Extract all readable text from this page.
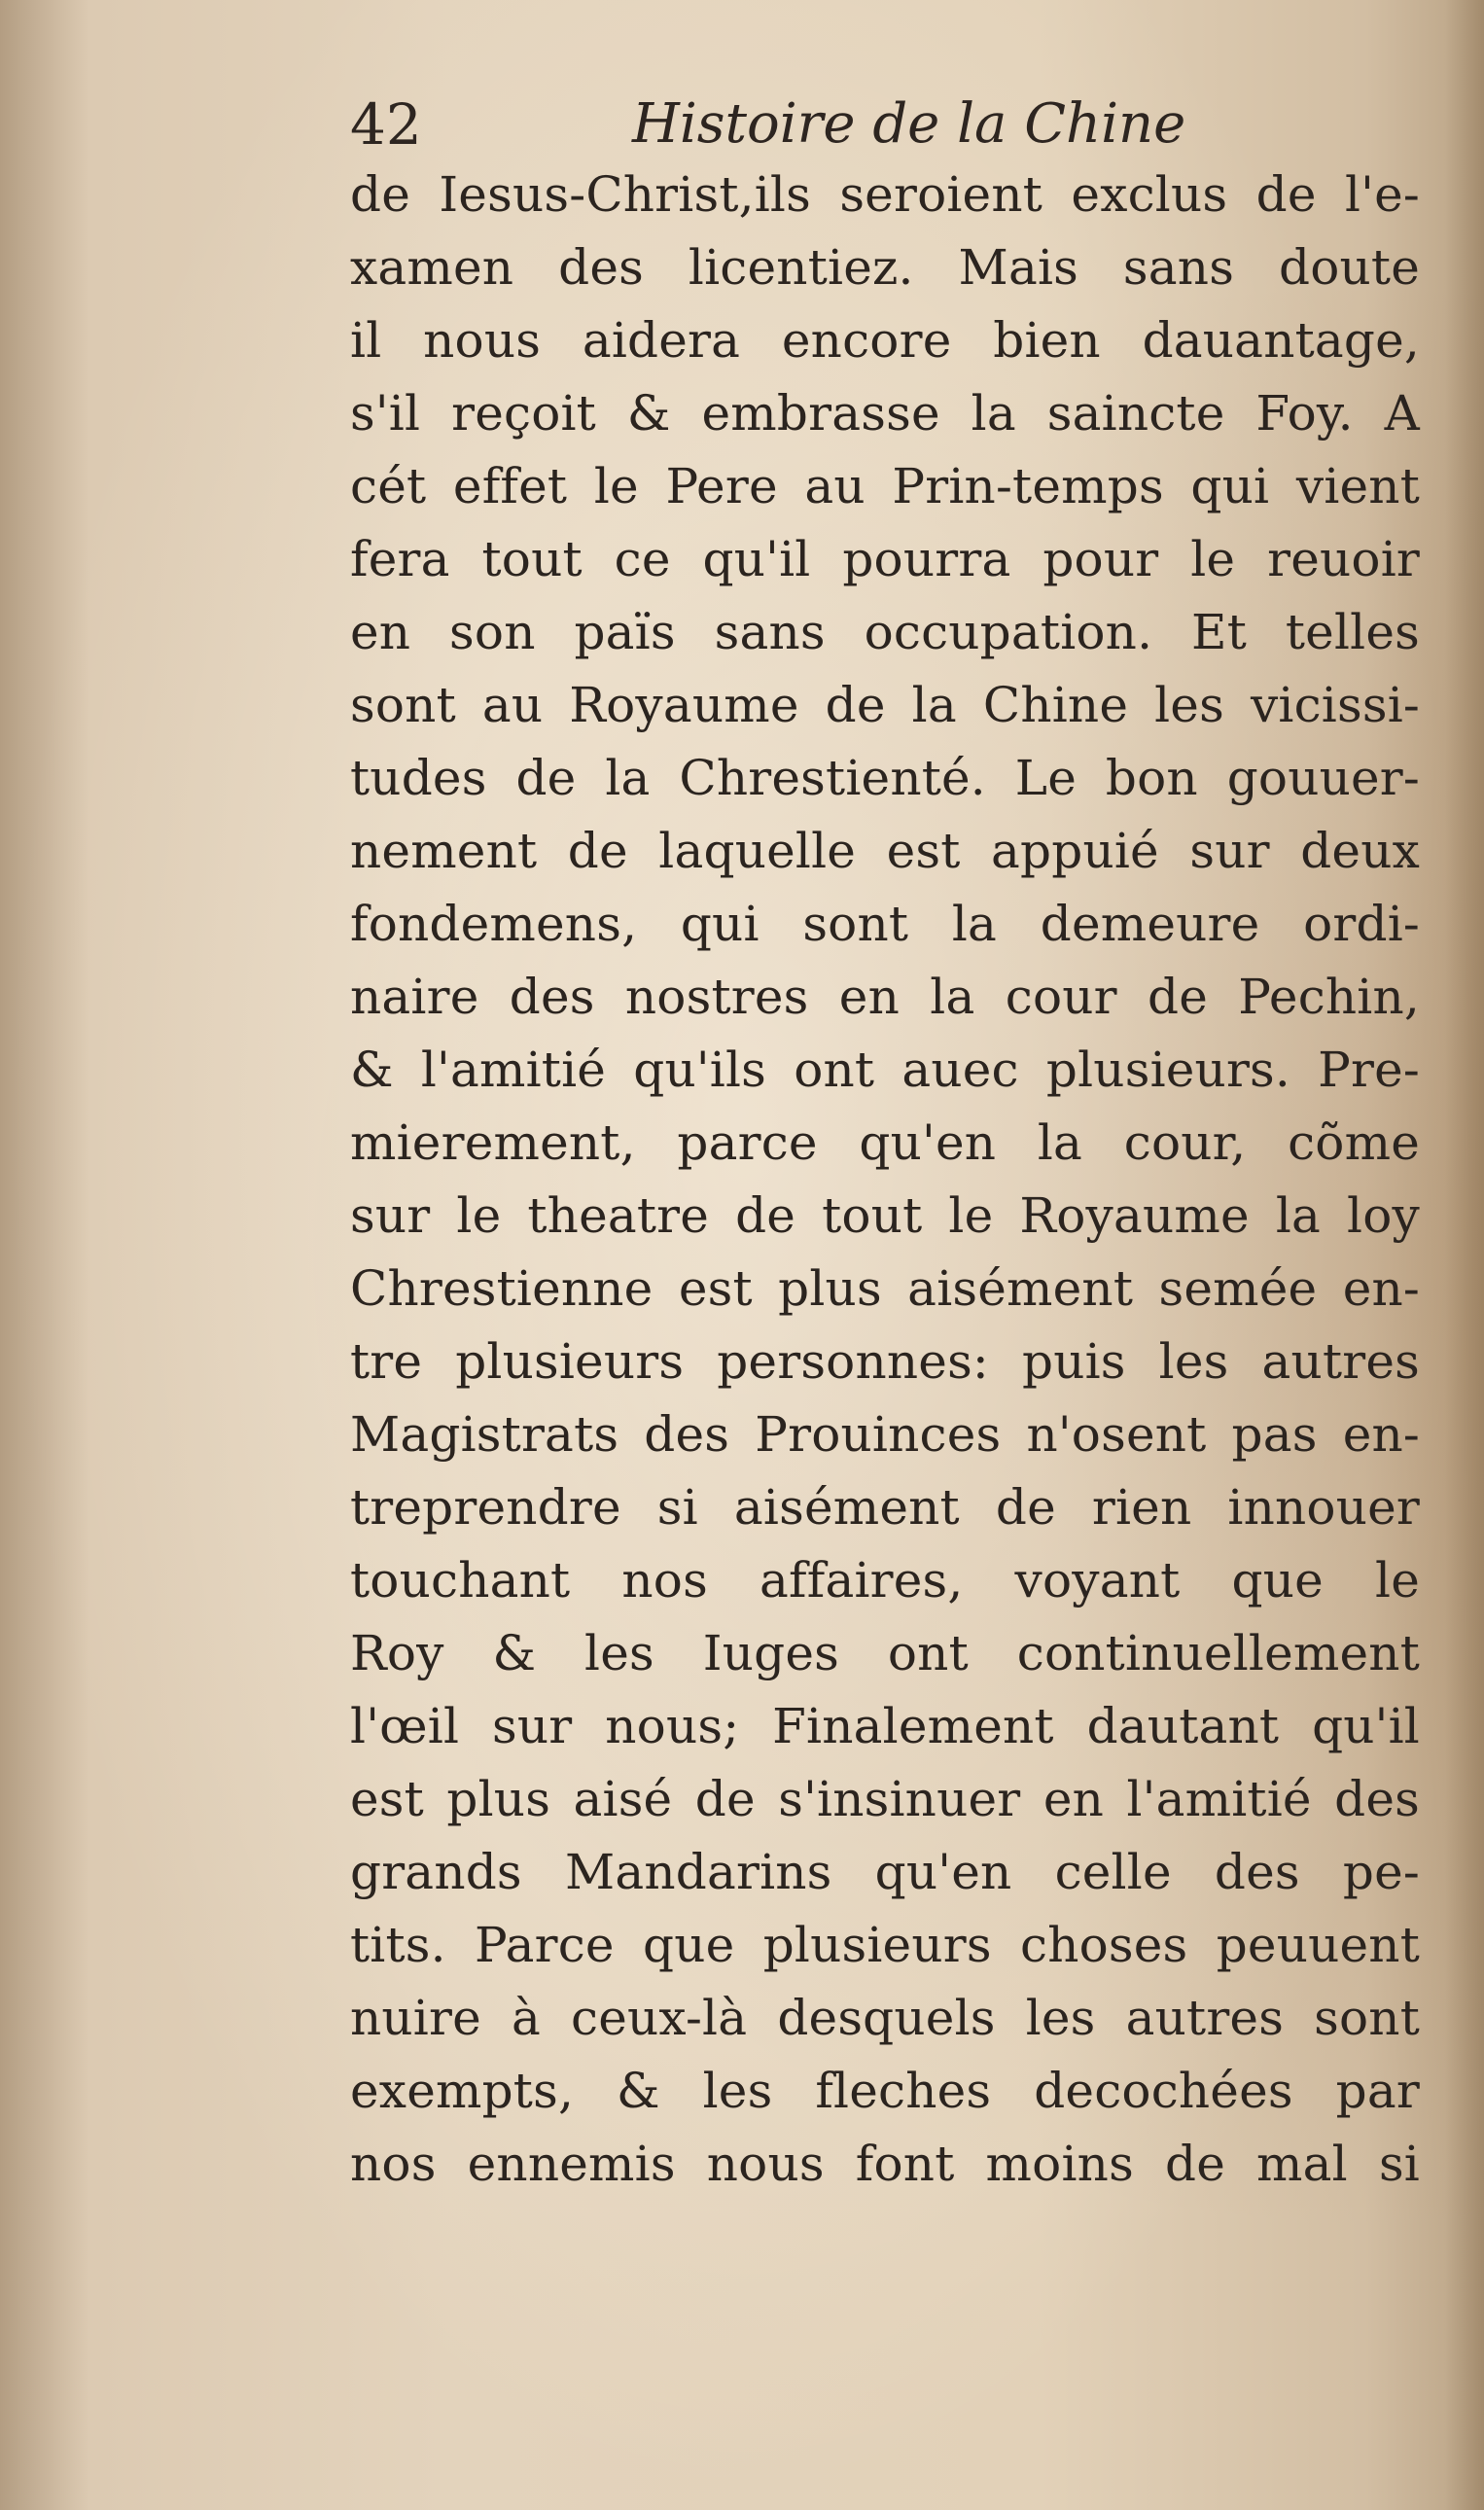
42	Histoire de la Chine
de Iesus-Christ,ils seroient exclus de l'e-
xamen des licentiez. Mais sans doute
il nous aidera encore bien dauantage,
s'il reçoit & embrasse la saincte Foy. A
cét effet le Pere au Prin-temps qui vient
fera tout ce qu'il pourra pour le reuoir
en son païs sans occupation. Et telles
sont au Royaume de la Chine les vicissi-
tudes de la Chrestienté. Le bon gouuer-
nement de laquelle est appuié sur deux
fondemens, qui sont la demeure ordi-
naire des nostres en la cour de Pechin,
& l'amitié qu'ils ont auec plusieurs. Pre-
mierement, parce qu'en la cour, cõme
sur le theatre de tout le Royaume la loy
Chrestienne est plus aisément semée en-
tre plusieurs personnes: puis les autres
Magistrats des Prouinces n'osent pas en-
treprendre si aisément de rien innouer
touchant nos affaires, voyant que le
Roy & les Iuges ont continuellement
l'œil sur nous; Finalement dautant qu'il
est plus aisé de s'insinuer en l'amitié des
grands Mandarins qu'en celle des pe-
tits. Parce que plusieurs choses peuuent
nuire à ceux-là desquels les autres sont
exempts, & les fleches decochées par
nos ennemis nous font moins de mal si
